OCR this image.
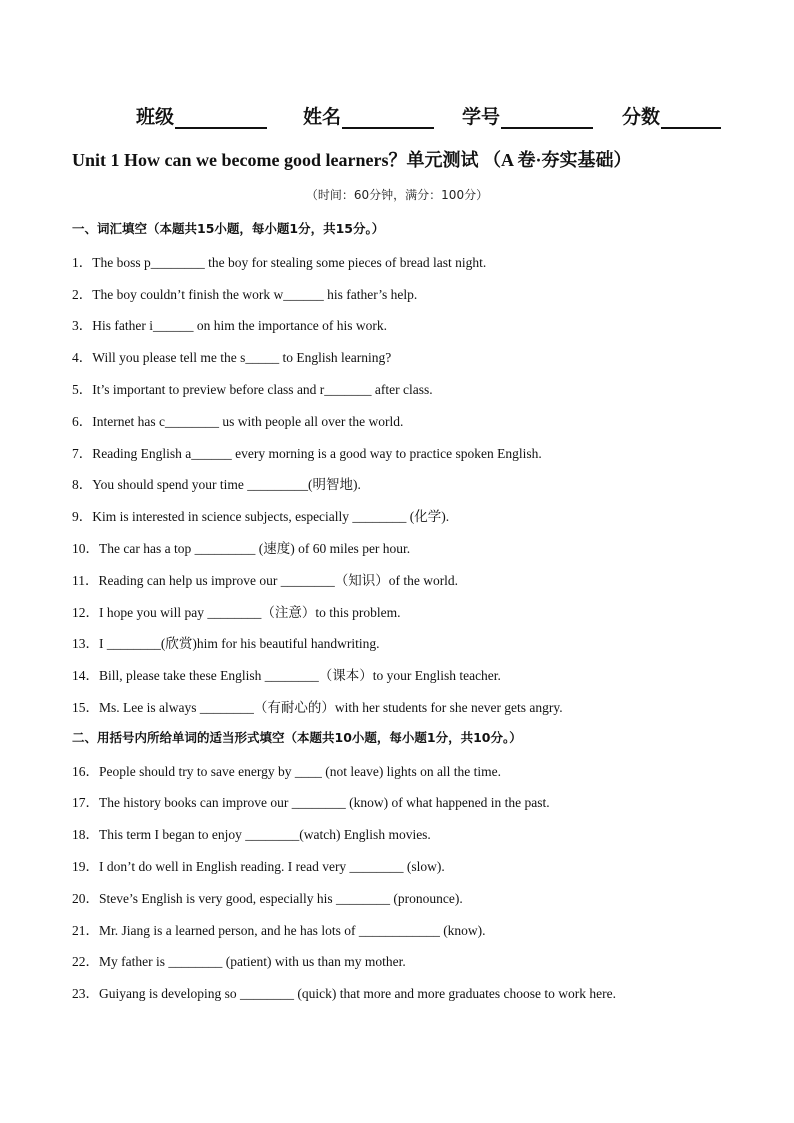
班级	姓名	学号	分数
Unit 1 How can we become good learners？单元测试 （A 卷·夯实基础）
（时间：60分钟，满分：100分）
一、词汇填空（本题共15小题，每小题1分，共15分。）
1．The boss p________ the boy for stealing some pieces of bread last night.
2．The boy couldn’t finish the work w______ his father’s help.
3．His father i______ on him the importance of his work.
4．Will you please tell me the s_____ to English learning?
5．It’s important to preview before class and r_______ after class.
6．Internet has c________ us with people all over the world.
7．Reading English a______ every morning is a good way to practice spoken English.
8．You should spend your time _________(明智地).
9．Kim is interested in science subjects, especially ________ (化学).
10．The car has a top _________ (速度) of 60 miles per hour.
11．Reading can help us improve our ________（知识）of the world.
12．I hope you will pay ________（注意）to this problem.
13．I ________(欣赏)him for his beautiful handwriting.
14．Bill, please take these English ________（课本）to your English teacher.
15．Ms. Lee is always ________（有耐心的）with her students for she never gets angry.
二、用括号内所给单词的适当形式填空（本题共10小题，每小题1分，共10分。）
16．People should try to save energy by ____ (not leave) lights on all the time.
17．The history books can improve our ________ (know) of what happened in the past.
18．This term I began to enjoy ________(watch) English movies.
19．I don’t do well in English reading. I read very ________ (slow).
20．Steve’s English is very good, especially his ________ (pronounce).
21．Mr. Jiang is a learned person, and he has lots of ____________ (know).
22．My father is ________ (patient) with us than my mother.
23．Guiyang is developing so ________ (quick) that more and more graduates choose to work here.
